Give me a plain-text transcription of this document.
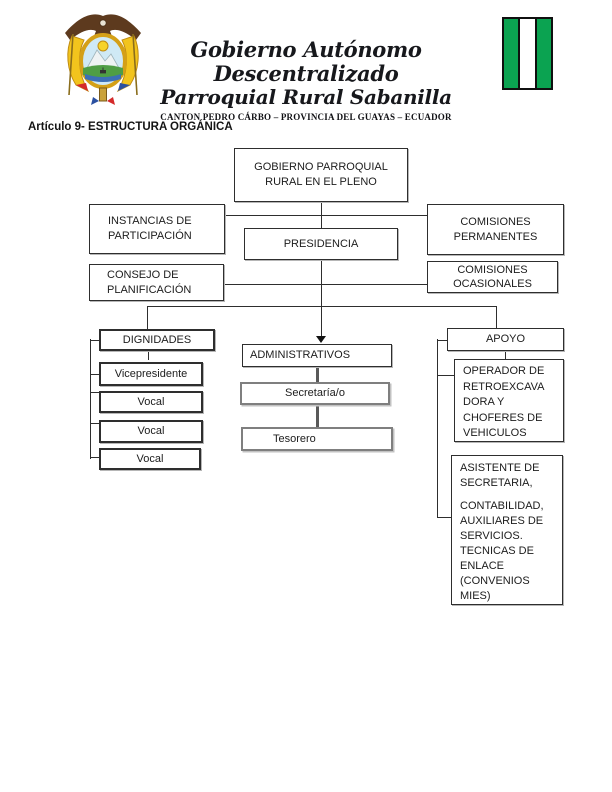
Gobierno Autónomo Descentralizado
Parroquial Rural Sabanilla
CANTON PEDRO CÁRBO – PROVINCIA DEL GUAYAS – ECUADOR
Artículo 9- ESTRUCTURA ORGÁNICA
GOBIERNO PARROQUIAL RURAL EN EL PLENO
INSTANCIAS DE PARTICIPACIÓN
PRESIDENCIA
COMISIONES PERMANENTES
CONSEJO DE PLANIFICACIÓN
COMISIONES OCASIONALES
DIGNIDADES
Vicepresidente
Vocal
Vocal
Vocal
ADMINISTRATIVOS
Secretaría/o
Tesorero
APOYO
OPERADOR DE
RETROEXCAVA
DORA Y
CHOFERES DE
VEHICULOS
ASISTENTE DE
SECRETARIA,
CONTABILIDAD,
AUXILIARES DE
SERVICIOS.
TECNICAS DE
ENLACE
(CONVENIOS
MIES)
